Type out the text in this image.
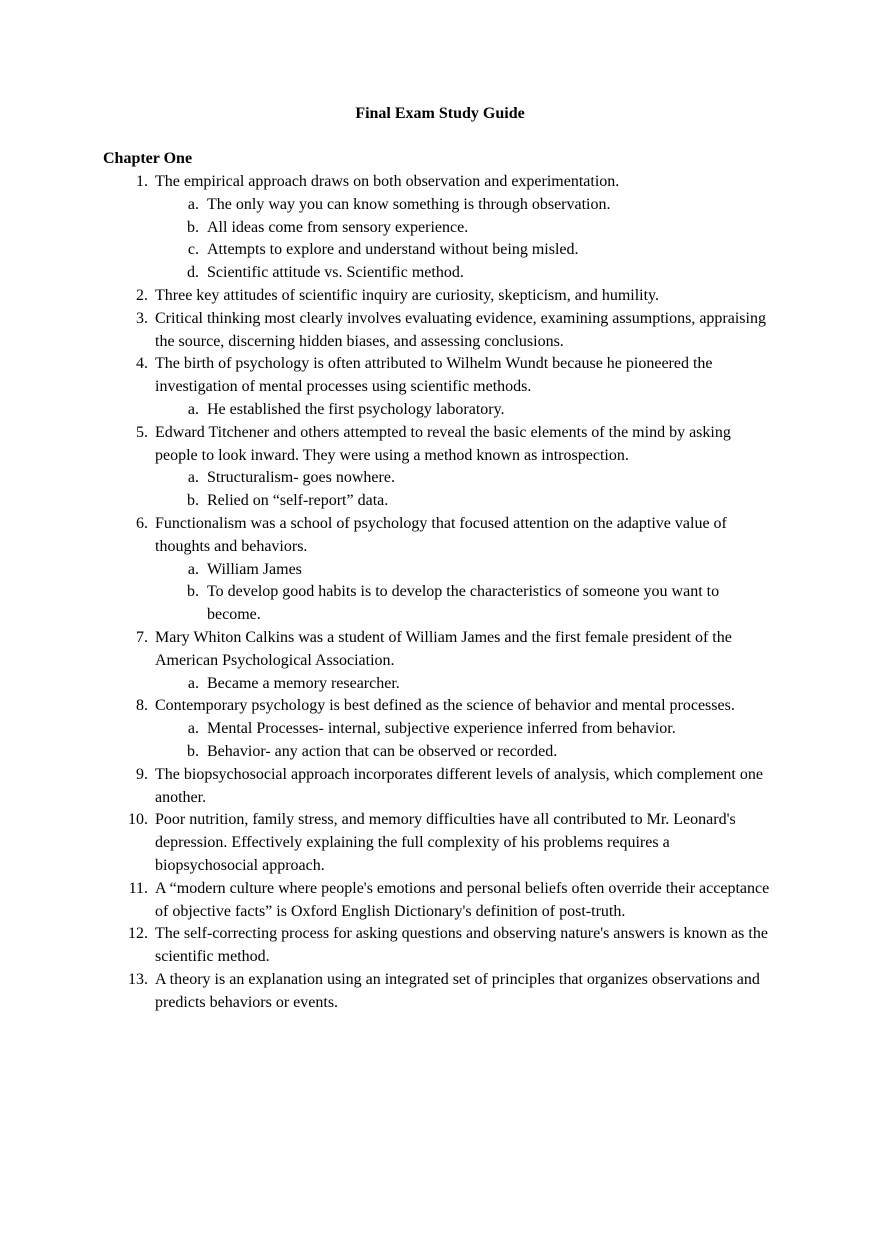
Final Exam Study Guide
Chapter One
1. The empirical approach draws on both observation and experimentation.
a. The only way you can know something is through observation.
b. All ideas come from sensory experience.
c. Attempts to explore and understand without being misled.
d. Scientific attitude vs. Scientific method.
2. Three key attitudes of scientific inquiry are curiosity, skepticism, and humility.
3. Critical thinking most clearly involves evaluating evidence, examining assumptions, appraising the source, discerning hidden biases, and assessing conclusions.
4. The birth of psychology is often attributed to Wilhelm Wundt because he pioneered the investigation of mental processes using scientific methods.
a. He established the first psychology laboratory.
5. Edward Titchener and others attempted to reveal the basic elements of the mind by asking people to look inward. They were using a method known as introspection.
a. Structuralism- goes nowhere.
b. Relied on “self-report” data.
6. Functionalism was a school of psychology that focused attention on the adaptive value of thoughts and behaviors.
a. William James
b. To develop good habits is to develop the characteristics of someone you want to become.
7. Mary Whiton Calkins was a student of William James and the first female president of the American Psychological Association.
a. Became a memory researcher.
8. Contemporary psychology is best defined as the science of behavior and mental processes.
a. Mental Processes- internal, subjective experience inferred from behavior.
b. Behavior- any action that can be observed or recorded.
9. The biopsychosocial approach incorporates different levels of analysis, which complement one another.
10. Poor nutrition, family stress, and memory difficulties have all contributed to Mr. Leonard's depression. Effectively explaining the full complexity of his problems requires a biopsychosocial approach.
11. A “modern culture where people's emotions and personal beliefs often override their acceptance of objective facts” is Oxford English Dictionary's definition of post-truth.
12. The self-correcting process for asking questions and observing nature's answers is known as the scientific method.
13. A theory is an explanation using an integrated set of principles that organizes observations and predicts behaviors or events.
